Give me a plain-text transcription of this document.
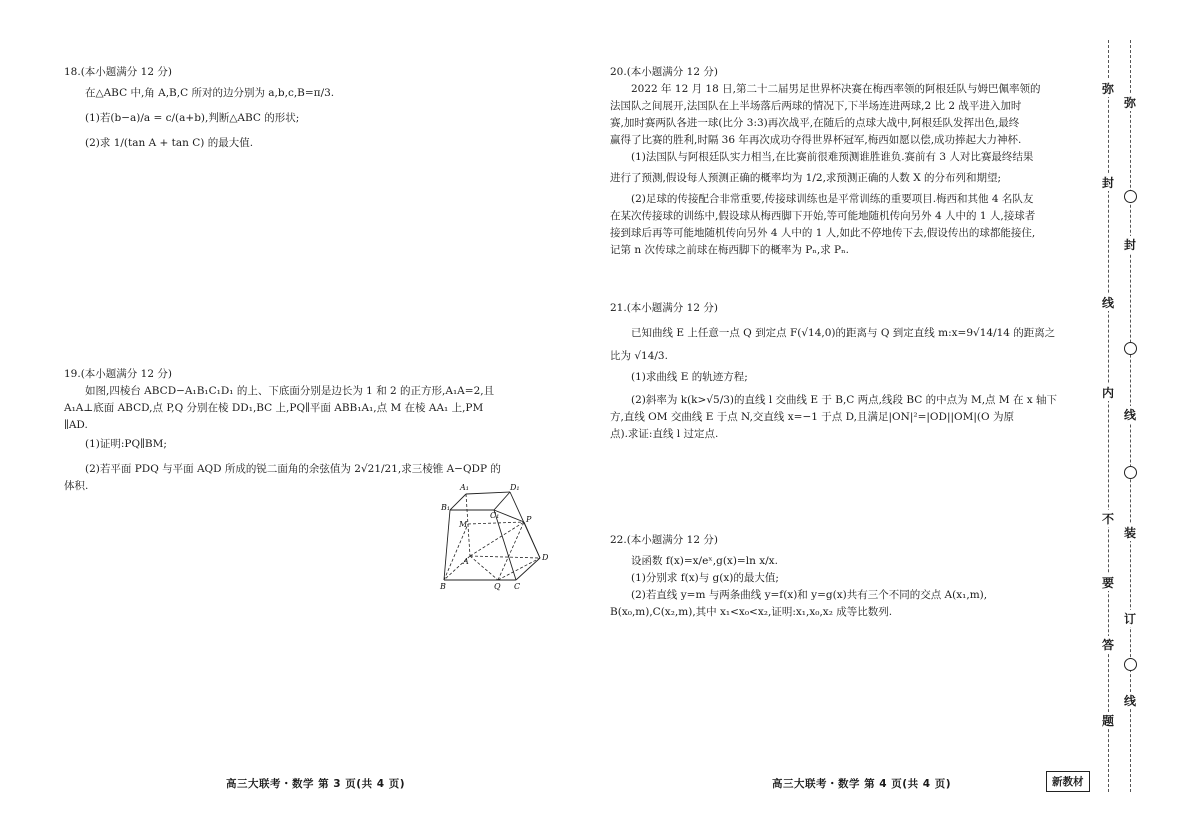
18.(本小题满分 12 分)

在△ABC 中,角 A,B,C 所对的边分别为 a,b,c,B=π/3.

(1)若(b−a)/a = c/(a+b),判断△ABC 的形状;

(2)求 1/(tan A + tan C) 的最大值.

19.(本小题满分 12 分)

如图,四棱台 ABCD−A₁B₁C₁D₁ 的上、下底面分别是边长为 1 和 2 的正方形,A₁A=2,且

A₁A⊥底面 ABCD,点 P,Q 分别在棱 DD₁,BC 上,PQ∥平面 ABB₁A₁,点 M 在棱 AA₁ 上,PM

∥AD.

(1)证明:PQ∥BM;

(2)若平面 PDQ 与平面 AQD 所成的锐二面角的余弦值为 2√21/21,求三棱锥 A−QDP 的

体积.	A₁	D₁
B₁
C₁
M
P
A	D
B	Q C
高三大联考・数学 第 3 页(共 4 页)

20.(本小题满分 12 分)

2022 年 12 月 18 日,第二十二届男足世界杯决赛在梅西率领的阿根廷队与姆巴佩率领的

法国队之间展开,法国队在上半场落后两球的情况下,下半场连进两球,2 比 2 战平进入加时

赛,加时赛两队各进一球(比分 3:3)再次战平,在随后的点球大战中,阿根廷队发挥出色,最终

赢得了比赛的胜利,时隔 36 年再次成功夺得世界杯冠军,梅西如愿以偿,成功捧起大力神杯.

(1)法国队与阿根廷队实力相当,在比赛前很难预测谁胜谁负.赛前有 3 人对比赛最终结果

进行了预测,假设每人预测正确的概率均为 1/2,求预测正确的人数 X 的分布列和期望;

(2)足球的传接配合非常重要,传接球训练也是平常训练的重要项目.梅西和其他 4 名队友

在某次传接球的训练中,假设球从梅西脚下开始,等可能地随机传向另外 4 人中的 1 人,接球者

接到球后再等可能地随机传向另外 4 人中的 1 人,如此不停地传下去,假设传出的球都能接住,

记第 n 次传球之前球在梅西脚下的概率为 Pₙ,求 Pₙ.

21.(本小题满分 12 分)

已知曲线 E 上任意一点 Q 到定点 F(√14,0)的距离与 Q 到定直线 m:x=9√14/14 的距离之

比为 √14/3.

(1)求曲线 E 的轨迹方程;

(2)斜率为 k(k>√5/3)的直线 l 交曲线 E 于 B,C 两点,线段 BC 的中点为 M,点 M 在 x 轴下

方,直线 OM 交曲线 E 于点 N,交直线 x=−1 于点 D,且满足|ON|²=|OD||OM|(O 为原

点).求证:直线 l 过定点.

22.(本小题满分 12 分)

设函数 f(x)=x/eˣ,g(x)=ln x/x.

(1)分别求 f(x)与 g(x)的最大值;

(2)若直线 y=m 与两条曲线 y=f(x)和 y=g(x)共有三个不同的交点 A(x₁,m),

B(x₀,m),C(x₂,m),其中 x₁<x₀<x₂,证明:x₁,x₀,x₂ 成等比数列.

高三大联考・数学 第 4 页(共 4 页)	新教材
弥
封
线
内
不
要
答
题
弥
封
线
装
订
线
